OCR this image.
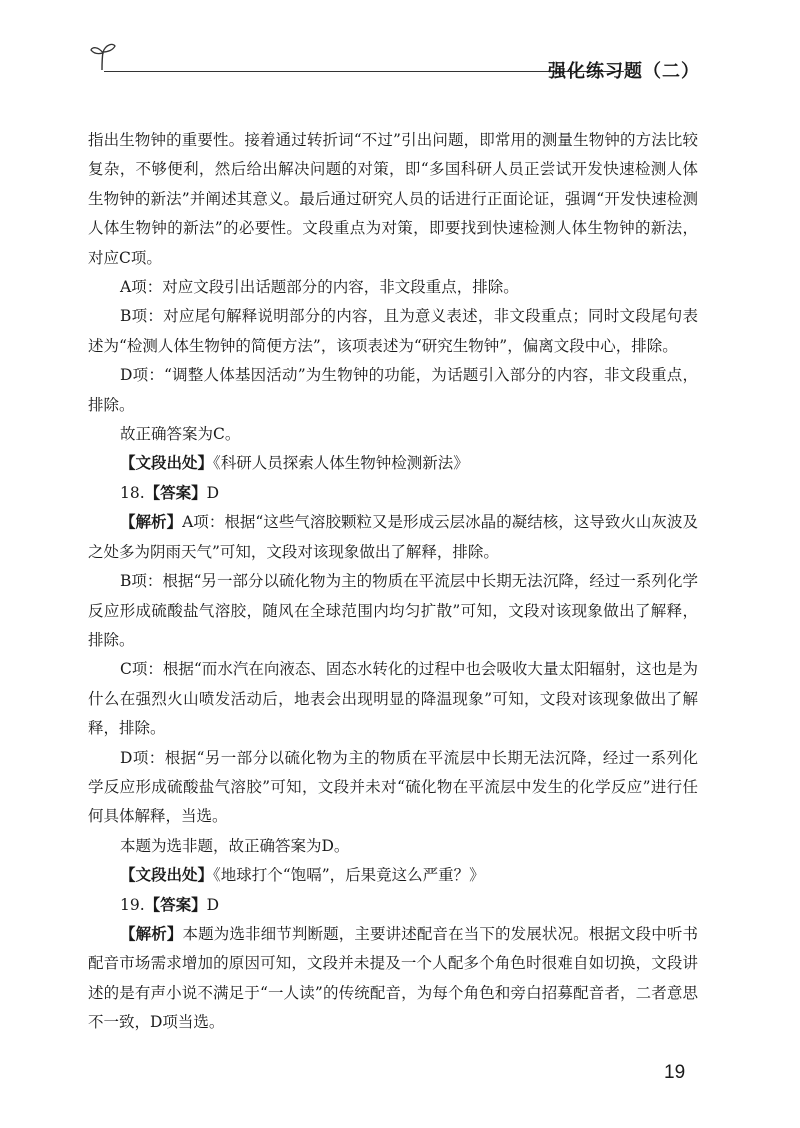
强化练习题（二）

指出生物钟的重要性。接着通过转折词“不过”引出问题，即常用的测量生物钟的方法比较复杂，不够便利，然后给出解决问题的对策，即“多国科研人员正尝试开发快速检测人体生物钟的新法”并阐述其意义。最后通过研究人员的话进行正面论证，强调“开发快速检测人体生物钟的新法”的必要性。文段重点为对策，即要找到快速检测人体生物钟的新法，对应C项。

A项：对应文段引出话题部分的内容，非文段重点，排除。

B项：对应尾句解释说明部分的内容，且为意义表述，非文段重点；同时文段尾句表述为“检测人体生物钟的简便方法”，该项表述为“研究生物钟”，偏离文段中心，排除。

D项：“调整人体基因活动”为生物钟的功能，为话题引入部分的内容，非文段重点，排除。

故正确答案为C。

【文段出处】《科研人员探索人体生物钟检测新法》

18.【答案】D

【解析】A项：根据“这些气溶胶颗粒又是形成云层冰晶的凝结核，这导致火山灰波及之处多为阴雨天气”可知，文段对该现象做出了解释，排除。

B项：根据“另一部分以硫化物为主的物质在平流层中长期无法沉降，经过一系列化学反应形成硫酸盐气溶胶，随风在全球范围内均匀扩散”可知，文段对该现象做出了解释，排除。

C项：根据“而水汽在向液态、固态水转化的过程中也会吸收大量太阳辐射，这也是为什么在强烈火山喷发活动后，地表会出现明显的降温现象”可知，文段对该现象做出了解释，排除。

D项：根据“另一部分以硫化物为主的物质在平流层中长期无法沉降，经过一系列化学反应形成硫酸盐气溶胶”可知，文段并未对“硫化物在平流层中发生的化学反应”进行任何具体解释，当选。

本题为选非题，故正确答案为D。

【文段出处】《地球打个“饱嗝”，后果竟这么严重？》

19.【答案】D

【解析】本题为选非细节判断题，主要讲述配音在当下的发展状况。根据文段中听书配音市场需求增加的原因可知，文段并未提及一个人配多个角色时很难自如切换，文段讲述的是有声小说不满足于“一人读”的传统配音，为每个角色和旁白招募配音者，二者意思不一致，D项当选。

19
